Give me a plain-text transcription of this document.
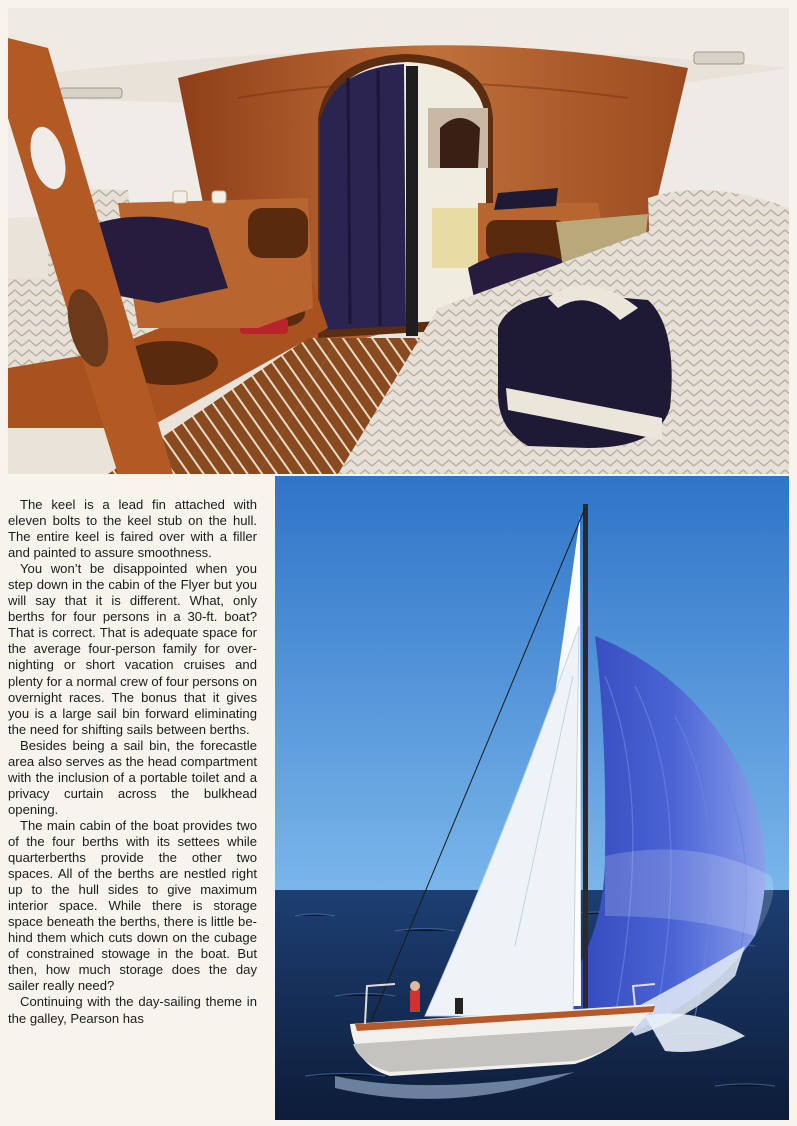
The keel is a lead fin attached with eleven bolts to the keel stub on the hull. The entire keel is faired over with a filler and painted to assure smoothness.

You won’t be disappointed when you step down in the cabin of the Flyer but you will say that it is different. What, only berths for four persons in a 30-ft. boat? That is correct. That is adequate space for the average four-person family for overnighting or short vacation cruises and plenty for a normal crew of four persons on overnight races. The bonus that it gives you is a large sail bin forward eliminating the need for shifting sails between berths.

Besides being a sail bin, the forecastle area also serves as the head compartment with the inclusion of a portable toilet and a privacy curtain across the bulkhead opening.

The main cabin of the boat provides two of the four berths with its settees while quarterberths provide the other two spaces. All of the berths are nestled right up to the hull sides to give maximum interior space. While there is storage space beneath the berths, there is little behind them which cuts down on the cubage of constrained stowage in the boat. But then, how much storage does the day sailer really need?

Continuing with the day-sailing theme in the galley, Pearson has
